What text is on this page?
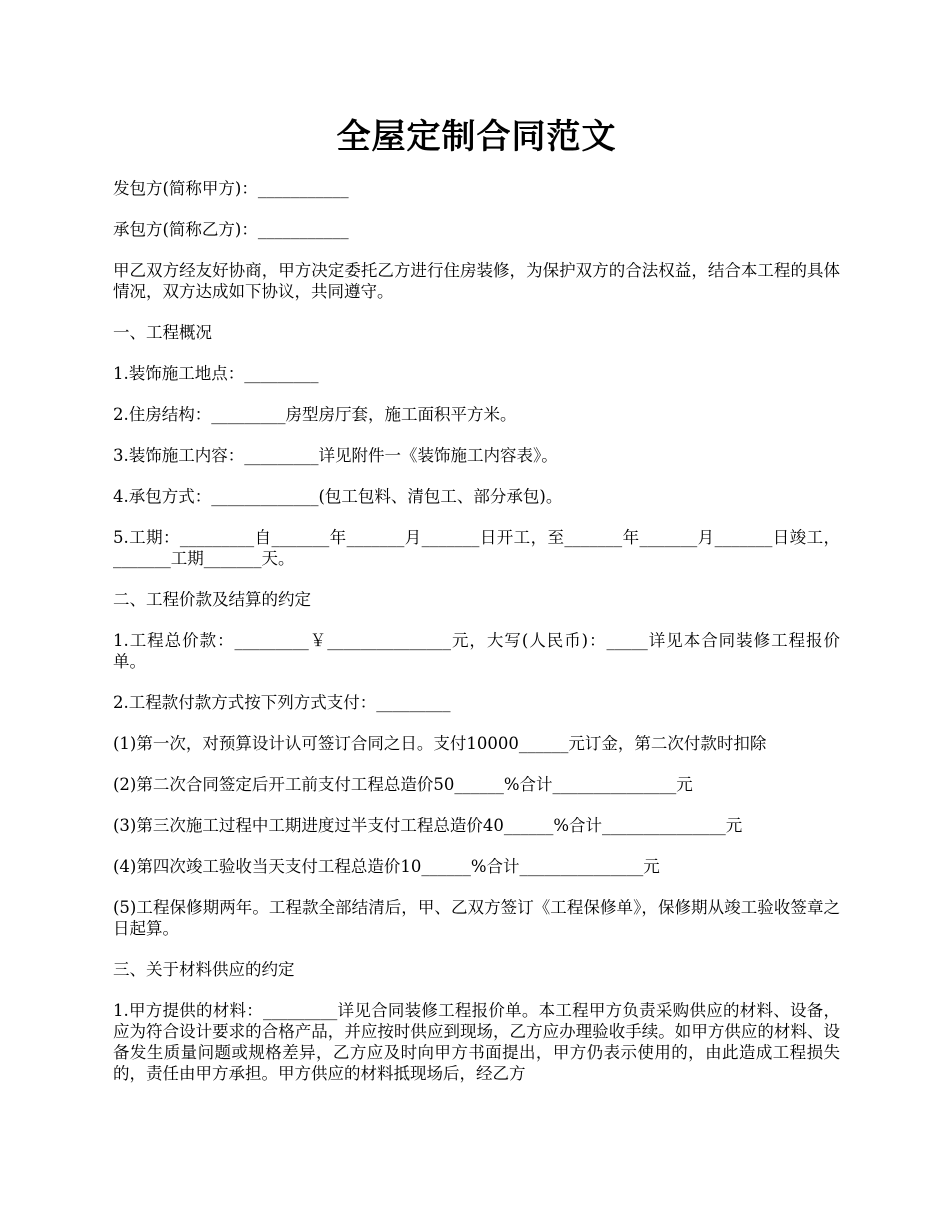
全屋定制合同范文

发包方(简称甲方)：___________

承包方(简称乙方)：___________

甲乙双方经友好协商，甲方决定委托乙方进行住房装修，为保护双方的合法权益，结合本工程的具体情况，双方达成如下协议，共同遵守。

一、工程概况

1.装饰施工地点：_________

2.住房结构：_________房型房厅套，施工面积平方米。

3.装饰施工内容：_________详见附件一《装饰施工内容表》。

4.承包方式：_____________(包工包料、清包工、部分承包)。

5.工期：_________自_______年_______月_______日开工，至_______年_______月_______日竣工，_______工期_______天。

二、工程价款及结算的约定

1.工程总价款：_________￥_______________元，大写(人民币)：_____详见本合同装修工程报价单。

2.工程款付款方式按下列方式支付：_________

(1)第一次，对预算设计认可签订合同之日。支付10000______元订金，第二次付款时扣除

(2)第二次合同签定后开工前支付工程总造价50______%合计_______________元

(3)第三次施工过程中工期进度过半支付工程总造价40______%合计_______________元

(4)第四次竣工验收当天支付工程总造价10______%合计_______________元

(5)工程保修期两年。工程款全部结清后，甲、乙双方签订《工程保修单》，保修期从竣工验收签章之日起算。

三、关于材料供应的约定

1.甲方提供的材料：_________详见合同装修工程报价单。本工程甲方负责采购供应的材料、设备，应为符合设计要求的合格产品，并应按时供应到现场，乙方应办理验收手续。如甲方供应的材料、设备发生质量问题或规格差异，乙方应及时向甲方书面提出，甲方仍表示使用的，由此造成工程损失的，责任由甲方承担。甲方供应的材料抵现场后，经乙方
